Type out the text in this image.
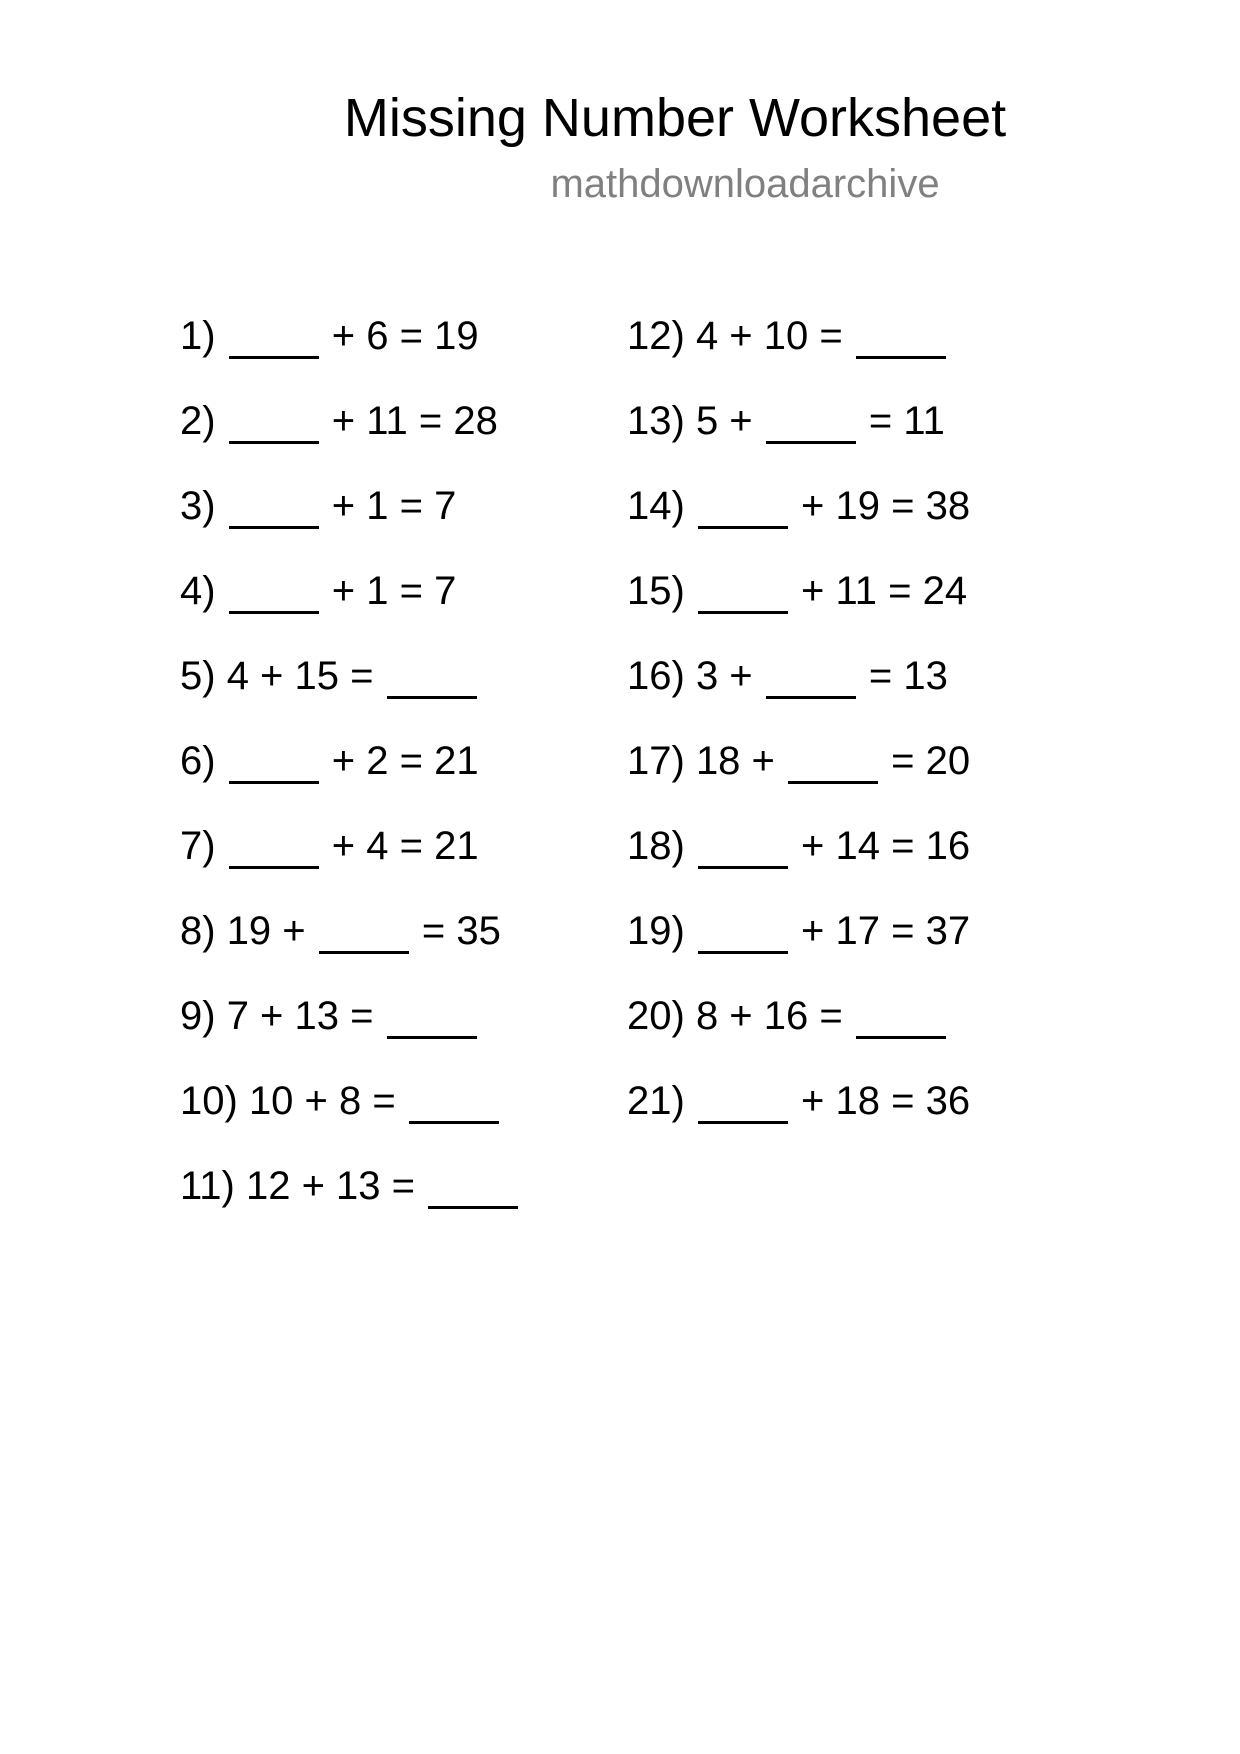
Missing Number Worksheet
mathdownloadarchive
1)  + 6 = 19
2)  + 11 = 28
3)  + 1 = 7
4)  + 1 = 7
5) 4 + 15 =
6)  + 2 = 21
7)  + 4 = 21
8) 19 +  = 35
9) 7 + 13 =
10) 10 + 8 =
11) 12 + 13 =
12) 4 + 10 =
13) 5 +  = 11
14)  + 19 = 38
15)  + 11 = 24
16) 3 +  = 13
17) 18 +  = 20
18)  + 14 = 16
19)  + 17 = 37
20) 8 + 16 =
21)  + 18 = 36
